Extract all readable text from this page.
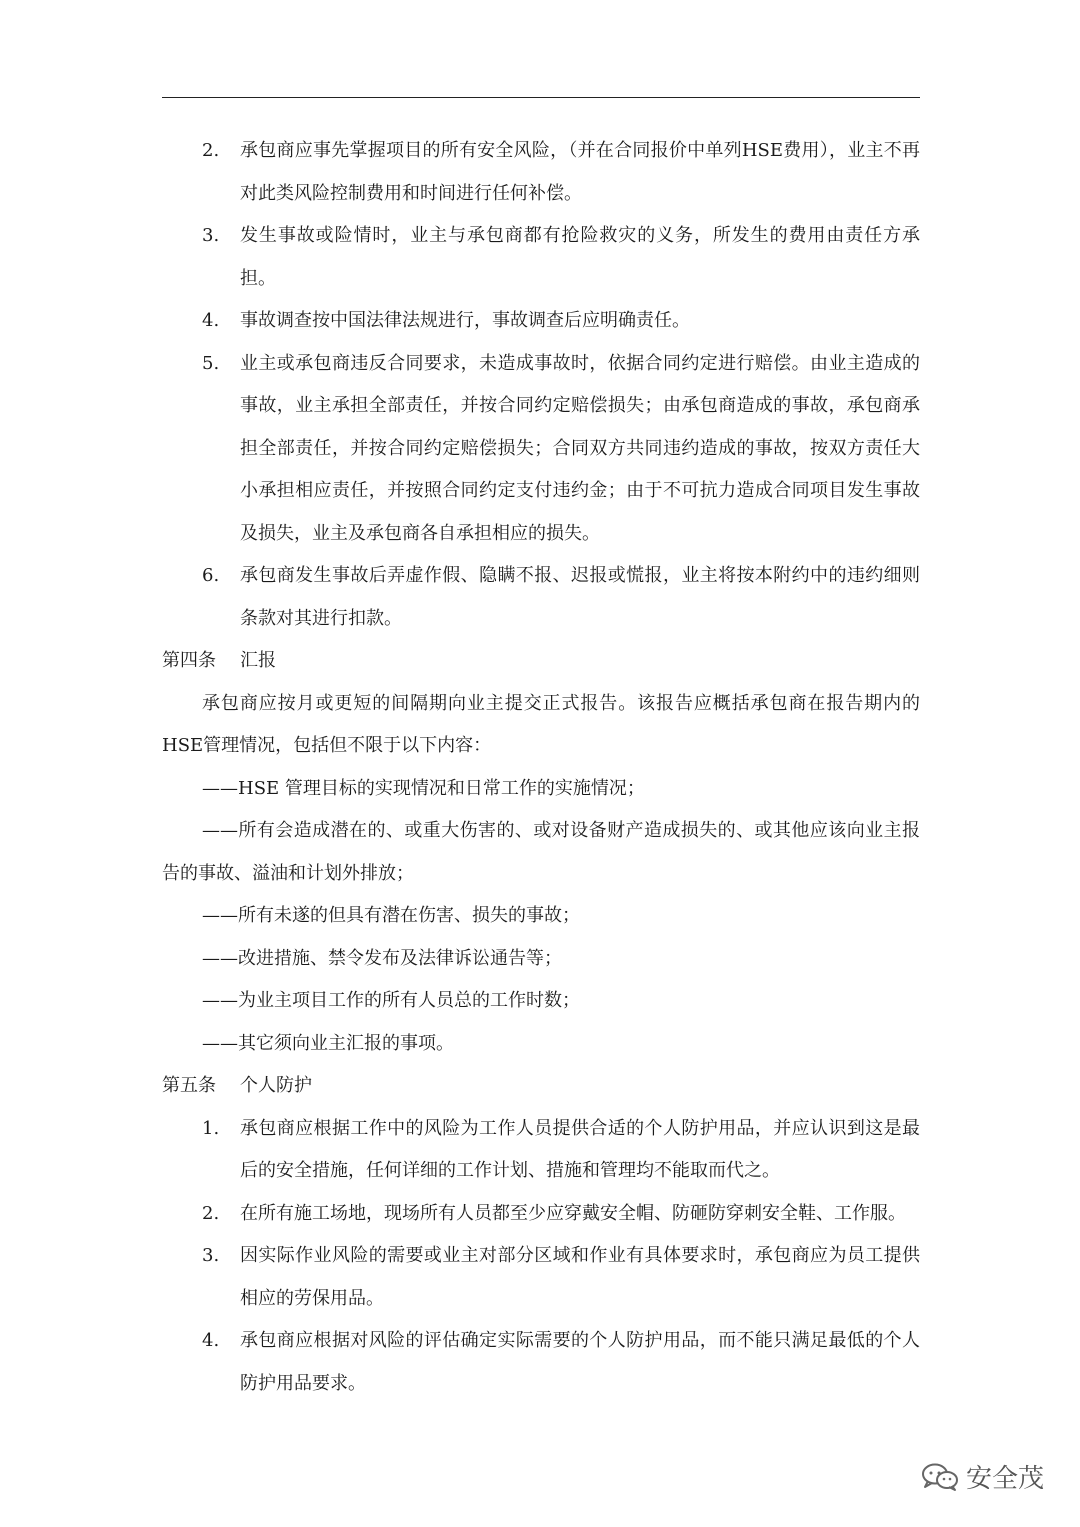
2. 承包商应事先掌握项目的所有安全风险，（并在合同报价中单列HSE费用），业主不再对此类风险控制费用和时间进行任何补偿。
3. 发生事故或险情时，业主与承包商都有抢险救灾的义务，所发生的费用由责任方承担。
4. 事故调查按中国法律法规进行，事故调查后应明确责任。
5. 业主或承包商违反合同要求，未造成事故时，依据合同约定进行赔偿。由业主造成的事故，业主承担全部责任，并按合同约定赔偿损失；由承包商造成的事故，承包商承担全部责任，并按合同约定赔偿损失；合同双方共同违约造成的事故，按双方责任大小承担相应责任，并按照合同约定支付违约金；由于不可抗力造成合同项目发生事故及损失，业主及承包商各自承担相应的损失。
6. 承包商发生事故后弄虚作假、隐瞒不报、迟报或慌报，业主将按本附约中的违约细则条款对其进行扣款。
第四条 汇报
承包商应按月或更短的间隔期向业主提交正式报告。该报告应概括承包商在报告期内的HSE管理情况，包括但不限于以下内容：
——HSE 管理目标的实现情况和日常工作的实施情况；
——所有会造成潜在的、或重大伤害的、或对设备财产造成损失的、或其他应该向业主报告的事故、溢油和计划外排放；
——所有未遂的但具有潜在伤害、损失的事故；
——改进措施、禁令发布及法律诉讼通告等；
——为业主项目工作的所有人员总的工作时数；
——其它须向业主汇报的事项。
第五条 个人防护
1. 承包商应根据工作中的风险为工作人员提供合适的个人防护用品，并应认识到这是最后的安全措施，任何详细的工作计划、措施和管理均不能取而代之。
2. 在所有施工场地，现场所有人员都至少应穿戴安全帽、防砸防穿刺安全鞋、工作服。
3. 因实际作业风险的需要或业主对部分区域和作业有具体要求时，承包商应为员工提供相应的劳保用品。
4. 承包商应根据对风险的评估确定实际需要的个人防护用品，而不能只满足最低的个人防护用品要求。
安全茂
